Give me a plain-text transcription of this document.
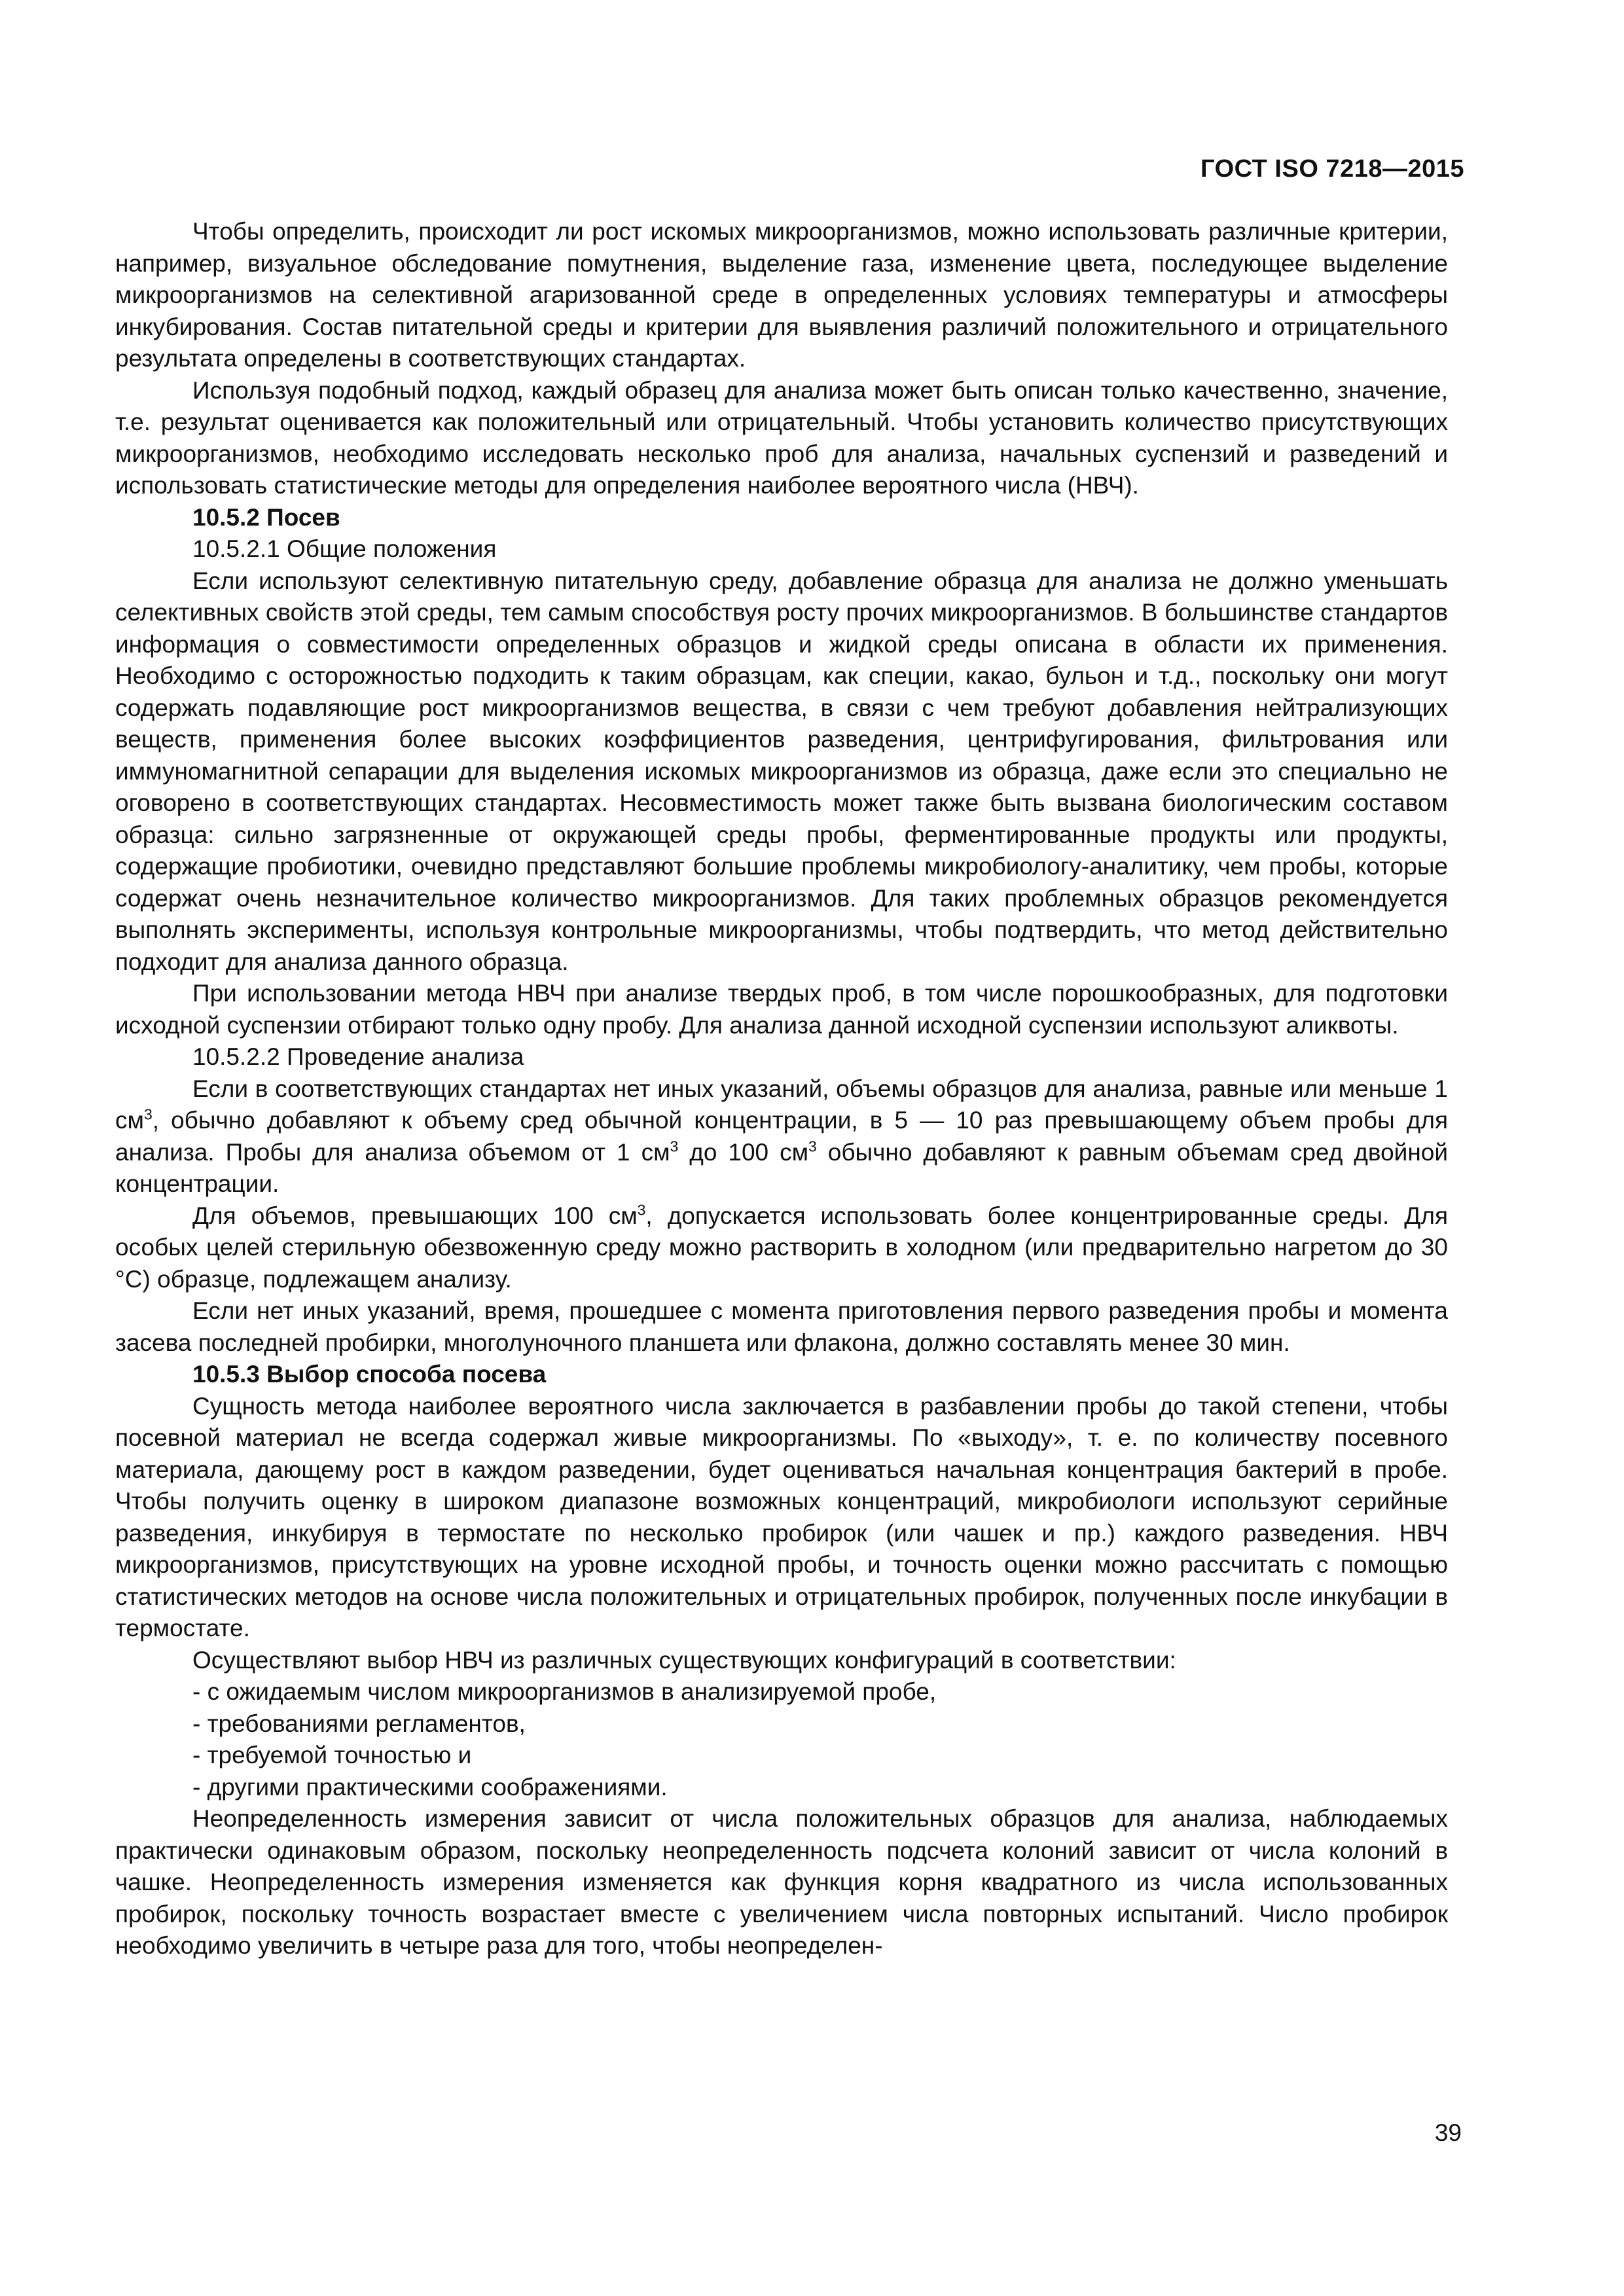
ГОСТ ISO 7218—2015

Чтобы определить, происходит ли рост искомых микроорганизмов, можно использовать различные критерии, например, визуальное обследование помутнения, выделение газа, изменение цвета, последующее выделение микроорганизмов на селективной агаризованной среде в определенных условиях температуры и атмосферы инкубирования. Состав питательной среды и критерии для выявления различий положительного и отрицательного результата определены в соответствующих стандартах.

Используя подобный подход, каждый образец для анализа может быть описан только качественно, значение, т.е. результат оценивается как положительный или отрицательный. Чтобы установить количество присутствующих микроорганизмов, необходимо исследовать несколько проб для анализа, начальных суспензий и разведений и использовать статистические методы для определения наиболее вероятного числа (НВЧ).

10.5.2 Посев

10.5.2.1 Общие положения

Если используют селективную питательную среду, добавление образца для анализа не должно уменьшать селективных свойств этой среды, тем самым способствуя росту прочих микроорганизмов. В большинстве стандартов информация о совместимости определенных образцов и жидкой среды описана в области их применения. Необходимо с осторожностью подходить к таким образцам, как специи, какао, бульон и т.д., поскольку они могут содержать подавляющие рост микроорганизмов вещества, в связи с чем требуют добавления нейтрализующих веществ, применения более высоких коэффициентов разведения, центрифугирования, фильтрования или иммуномагнитной сепарации для выделения искомых микроорганизмов из образца, даже если это специально не оговорено в соответствующих стандартах. Несовместимость может также быть вызвана биологическим составом образца: сильно загрязненные от окружающей среды пробы, ферментированные продукты или продукты, содержащие пробиотики, очевидно представляют большие проблемы микробиологу-аналитику, чем пробы, которые содержат очень незначительное количество микроорганизмов. Для таких проблемных образцов рекомендуется выполнять эксперименты, используя контрольные микроорганизмы, чтобы подтвердить, что метод действительно подходит для анализа данного образца.

При использовании метода НВЧ при анализе твердых проб, в том числе порошкообразных, для подготовки исходной суспензии отбирают только одну пробу. Для анализа данной исходной суспензии используют аликвоты.

10.5.2.2 Проведение анализа

Если в соответствующих стандартах нет иных указаний, объемы образцов для анализа, равные или меньше 1 $см^3$, обычно добавляют к объему сред обычной концентрации, в 5 — 10 раз превышающему объем пробы для анализа. Пробы для анализа объемом от 1 $см^3$ до 100 $см^3$ обычно добавляют к равным объемам сред двойной концентрации.

Для объемов, превышающих 100 $см^3$, допускается использовать более концентрированные среды. Для особых целей стерильную обезвоженную среду можно растворить в холодном (или предварительно нагретом до 30 °С) образце, подлежащем анализу.

Если нет иных указаний, время, прошедшее с момента приготовления первого разведения пробы и момента засева последней пробирки, многолуночного планшета или флакона, должно составлять менее 30 мин.

10.5.3 Выбор способа посева

Сущность метода наиболее вероятного числа заключается в разбавлении пробы до такой степени, чтобы посевной материал не всегда содержал живые микроорганизмы. По «выходу», т. е. по количеству посевного материала, дающему рост в каждом разведении, будет оцениваться начальная концентрация бактерий в пробе. Чтобы получить оценку в широком диапазоне возможных концентраций, микробиологи используют серийные разведения, инкубируя в термостате по несколько пробирок (или чашек и пр.) каждого разведения. НВЧ микроорганизмов, присутствующих на уровне исходной пробы, и точность оценки можно рассчитать с помощью статистических методов на основе числа положительных и отрицательных пробирок, полученных после инкубации в термостате.

Осуществляют выбор НВЧ из различных существующих конфигураций в соответствии:

- с ожидаемым числом микроорганизмов в анализируемой пробе,

- требованиями регламентов,

- требуемой точностью и

- другими практическими соображениями.

Неопределенность измерения зависит от числа положительных образцов для анализа, наблюдаемых практически одинаковым образом, поскольку неопределенность подсчета колоний зависит от числа колоний в чашке. Неопределенность измерения изменяется как функция корня квадратного из числа использованных пробирок, поскольку точность возрастает вместе с увеличением числа повторных испытаний. Число пробирок необходимо увеличить в четыре раза для того, чтобы неопределен-

39
